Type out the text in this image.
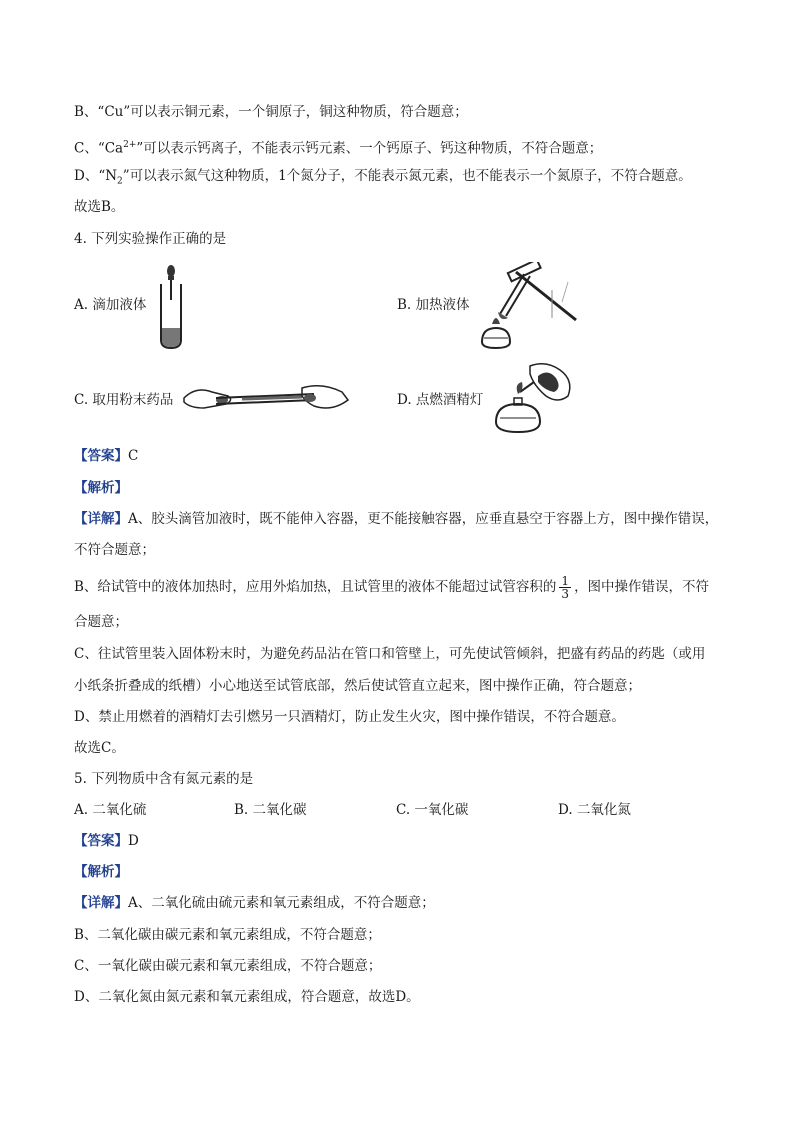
B、“Cu”可以表示铜元素，一个铜原子，铜这种物质，符合题意；
C、“$Ca^{2+}$”可以表示钙离子，不能表示钙元素、一个钙原子、钙这种物质，不符合题意；
D、“$N_2$”可以表示氮气这种物质，1个氮分子，不能表示氮元素，也不能表示一个氮原子，不符合题意。
故选B。
4. 下列实验操作正确的是
A. 滴加液体	B. 加热液体
C. 取用粉末药品	D. 点燃酒精灯
【答案】C
【解析】
【详解】A、胶头滴管加液时，既不能伸入容器，更不能接触容器，应垂直悬空于容器上方，图中操作错误，
不符合题意；
B、给试管中的液体加热时，应用外焰加热，且试管里的液体不能超过试管容积的 $\frac{1}{3}$ ，图中操作错误，不符
合题意；
C、往试管里装入固体粉末时，为避免药品沾在管口和管壁上，可先使试管倾斜，把盛有药品的药匙（或用
小纸条折叠成的纸槽）小心地送至试管底部，然后使试管直立起来，图中操作正确，符合题意；
D、禁止用燃着的酒精灯去引燃另一只酒精灯，防止发生火灾，图中操作错误，不符合题意。
故选C。
5. 下列物质中含有氮元素的是
A. 二氧化硫	B. 二氧化碳	C. 一氧化碳	D. 二氧化氮
【答案】D
【解析】
【详解】A、二氧化硫由硫元素和氧元素组成，不符合题意；
B、二氧化碳由碳元素和氧元素组成，不符合题意；
C、一氧化碳由碳元素和氧元素组成，不符合题意；
D、二氧化氮由氮元素和氧元素组成，符合题意，故选D。
